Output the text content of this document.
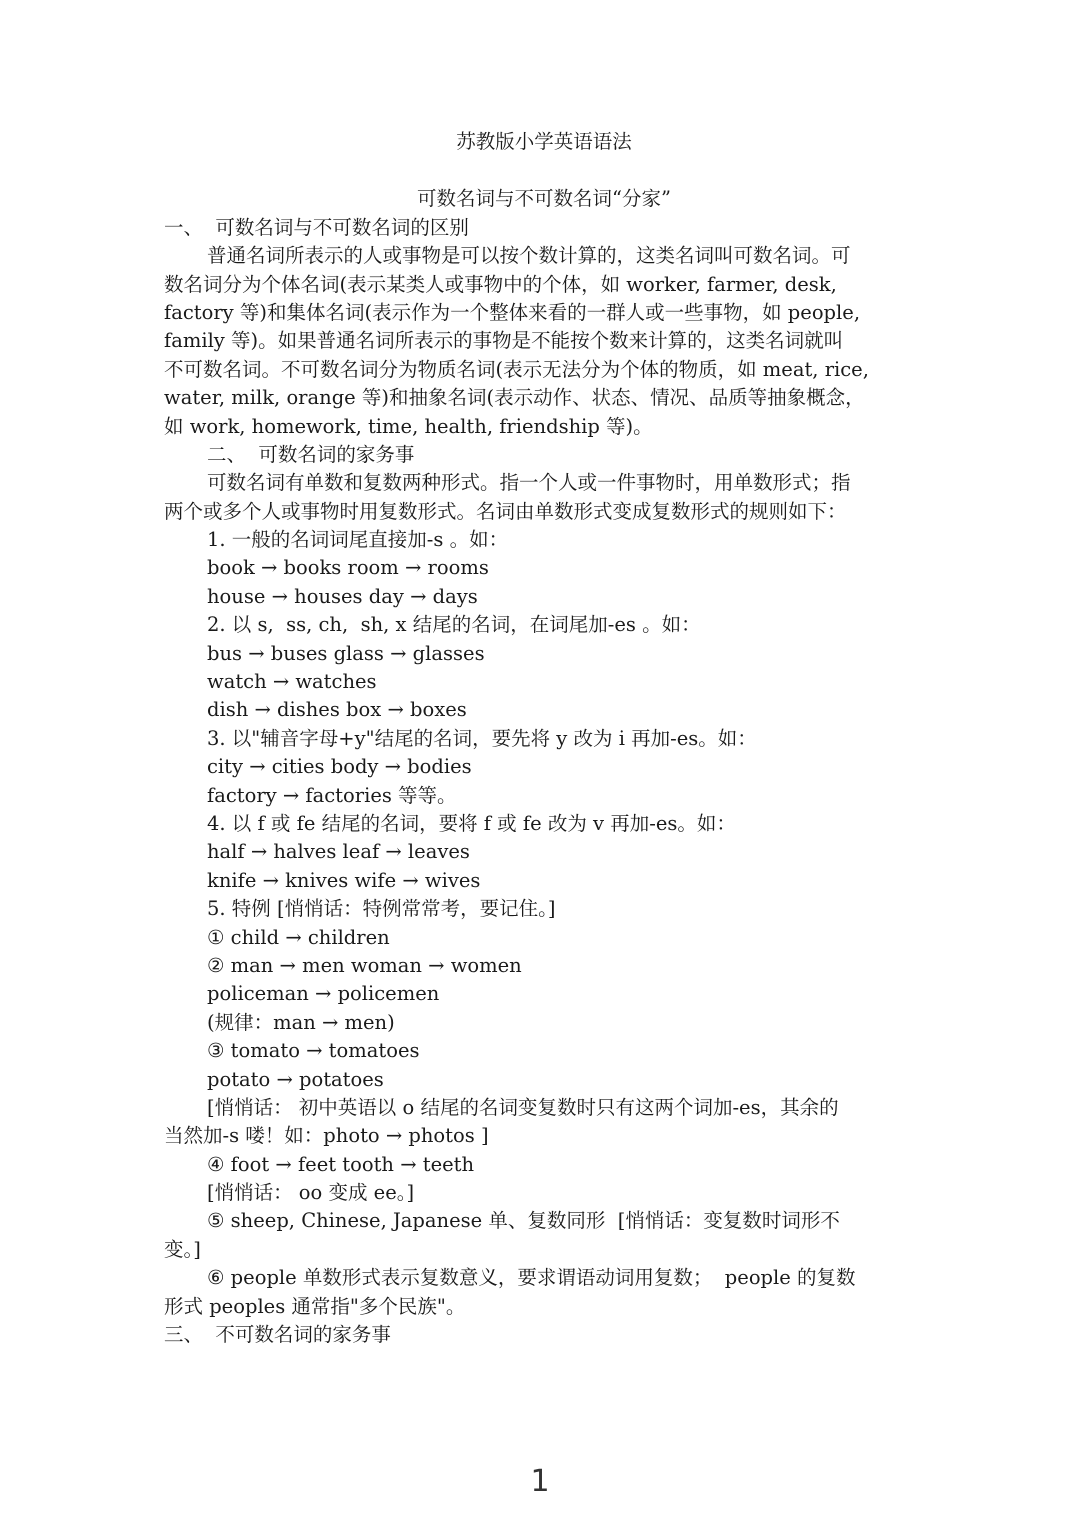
苏教版小学英语语法
可数名词与不可数名词“分家”
一、  可数名词与不可数名词的区别
普通名词所表示的人或事物是可以按个数计算的，这类名词叫可数名词。可
数名词分为个体名词(表示某类人或事物中的个体，如 worker, farmer, desk,
factory 等)和集体名词(表示作为一个整体来看的一群人或一些事物，如 people,
family 等)。如果普通名词所表示的事物是不能按个数来计算的，这类名词就叫
不可数名词。不可数名词分为物质名词(表示无法分为个体的物质，如 meat, rice,
water, milk, orange 等)和抽象名词(表示动作、状态、情况、品质等抽象概念，
如 work, homework, time, health, friendship 等)。
二、  可数名词的家务事
可数名词有单数和复数两种形式。指一个人或一件事物时，用单数形式；指
两个或多个人或事物时用复数形式。名词由单数形式变成复数形式的规则如下：
1. 一般的名词词尾直接加-s 。如：
book → books room → rooms
house → houses day → days
2. 以 s,  ss, ch,  sh, x 结尾的名词，在词尾加-es 。如：
bus → buses glass → glasses
watch → watches
dish → dishes box → boxes
3. 以"辅音字母+y"结尾的名词，要先将 y 改为 i 再加-es。如：
city → cities body → bodies
factory → factories 等等。
4. 以 f 或 fe 结尾的名词，要将 f 或 fe 改为 v 再加-es。如：
half → halves leaf → leaves
knife → knives wife → wives
5. 特例 [悄悄话：特例常常考，要记住。]
① child → children
② man → men woman → women
policeman → policemen
(规律：man → men)
③ tomato → tomatoes
potato → potatoes
[悄悄话： 初中英语以 o 结尾的名词变复数时只有这两个词加-es，其余的
当然加-s 喽！如：photo → photos ]
④ foot → feet tooth → teeth
[悄悄话： oo 变成 ee。]
⑤ sheep, Chinese, Japanese 单、复数同形  [悄悄话：变复数时词形不
变。]
⑥ people 单数形式表示复数意义，要求谓语动词用复数；  people 的复数
形式 peoples 通常指"多个民族"。
三、  不可数名词的家务事
1
